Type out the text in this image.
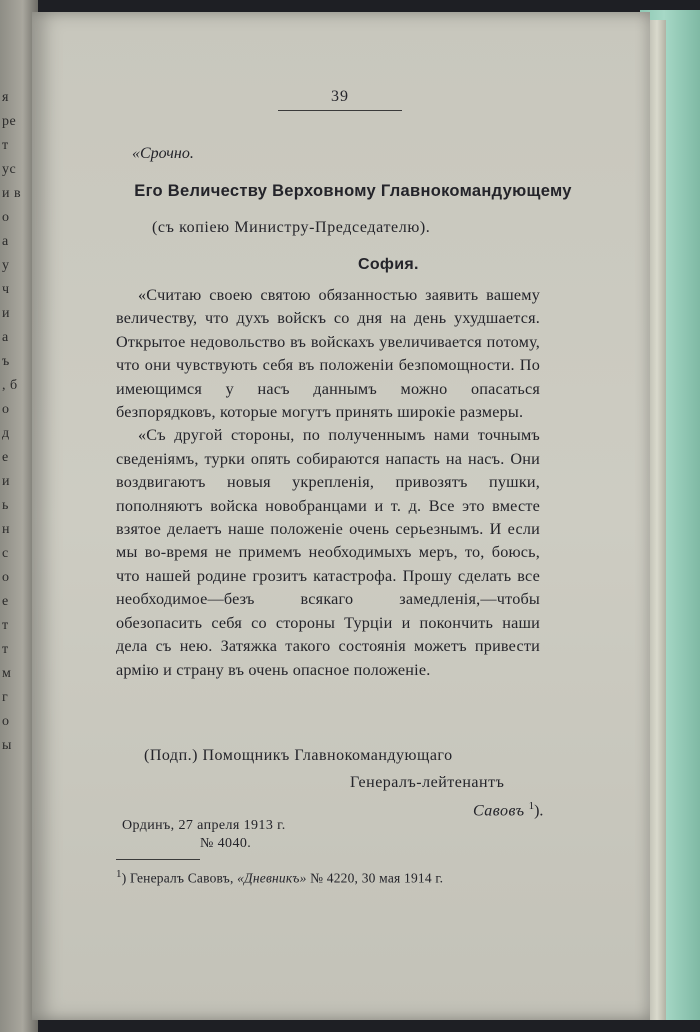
я
ре
т
ус
и в
о
а
у
ч
и
а
ъ
, б
о
д
е
и
ь
н
с
о
е
т
т
м
г
о
ы
39
«Срочно.
Его Величеству Верховному Главнокомандующему
(съ копiею Министру-Председателю).
София.

«Считаю своею святою обязанностью заявить вашему величеству, что духъ войскъ со дня на день ухудшается. Открытое недовольство въ войскахъ увеличивается потому, что они чувствують себя въ положенiи безпомощности. По имеющимся у насъ даннымъ можно опасаться безпорядковъ, которые могутъ принять широкiе размеры.

«Съ другой стороны, по полученнымъ нами точнымъ сведенiямъ, турки опять собираются напасть на насъ. Они воздвигаютъ новыя укрепленiя, привозятъ пушки, пополняютъ войска новобранцами и т. д. Все это вместе взятое делаетъ наше положенiе очень серьезнымъ. И если мы во-время не примемъ необходимыхъ меръ, то, боюсь, что нашей родине грозитъ катастрофа. Прошу сделать все необходимое—безъ всякаго замедленiя,—чтобы обезопасить себя со стороны Турцiи и покончить наши дела съ нею. Затяжка такого состоянiя можетъ привести армiю и страну въ очень опасное положенiе.

(Подп.) Помощникъ Главнокомандующаго
Генералъ-лейтенантъ
Савовъ $^1$).
Ординъ, 27 апреля 1913 г.
№ 4040.
$^1$) Генералъ Савовъ, «Дневникъ» № 4220, 30 мая 1914 г.
